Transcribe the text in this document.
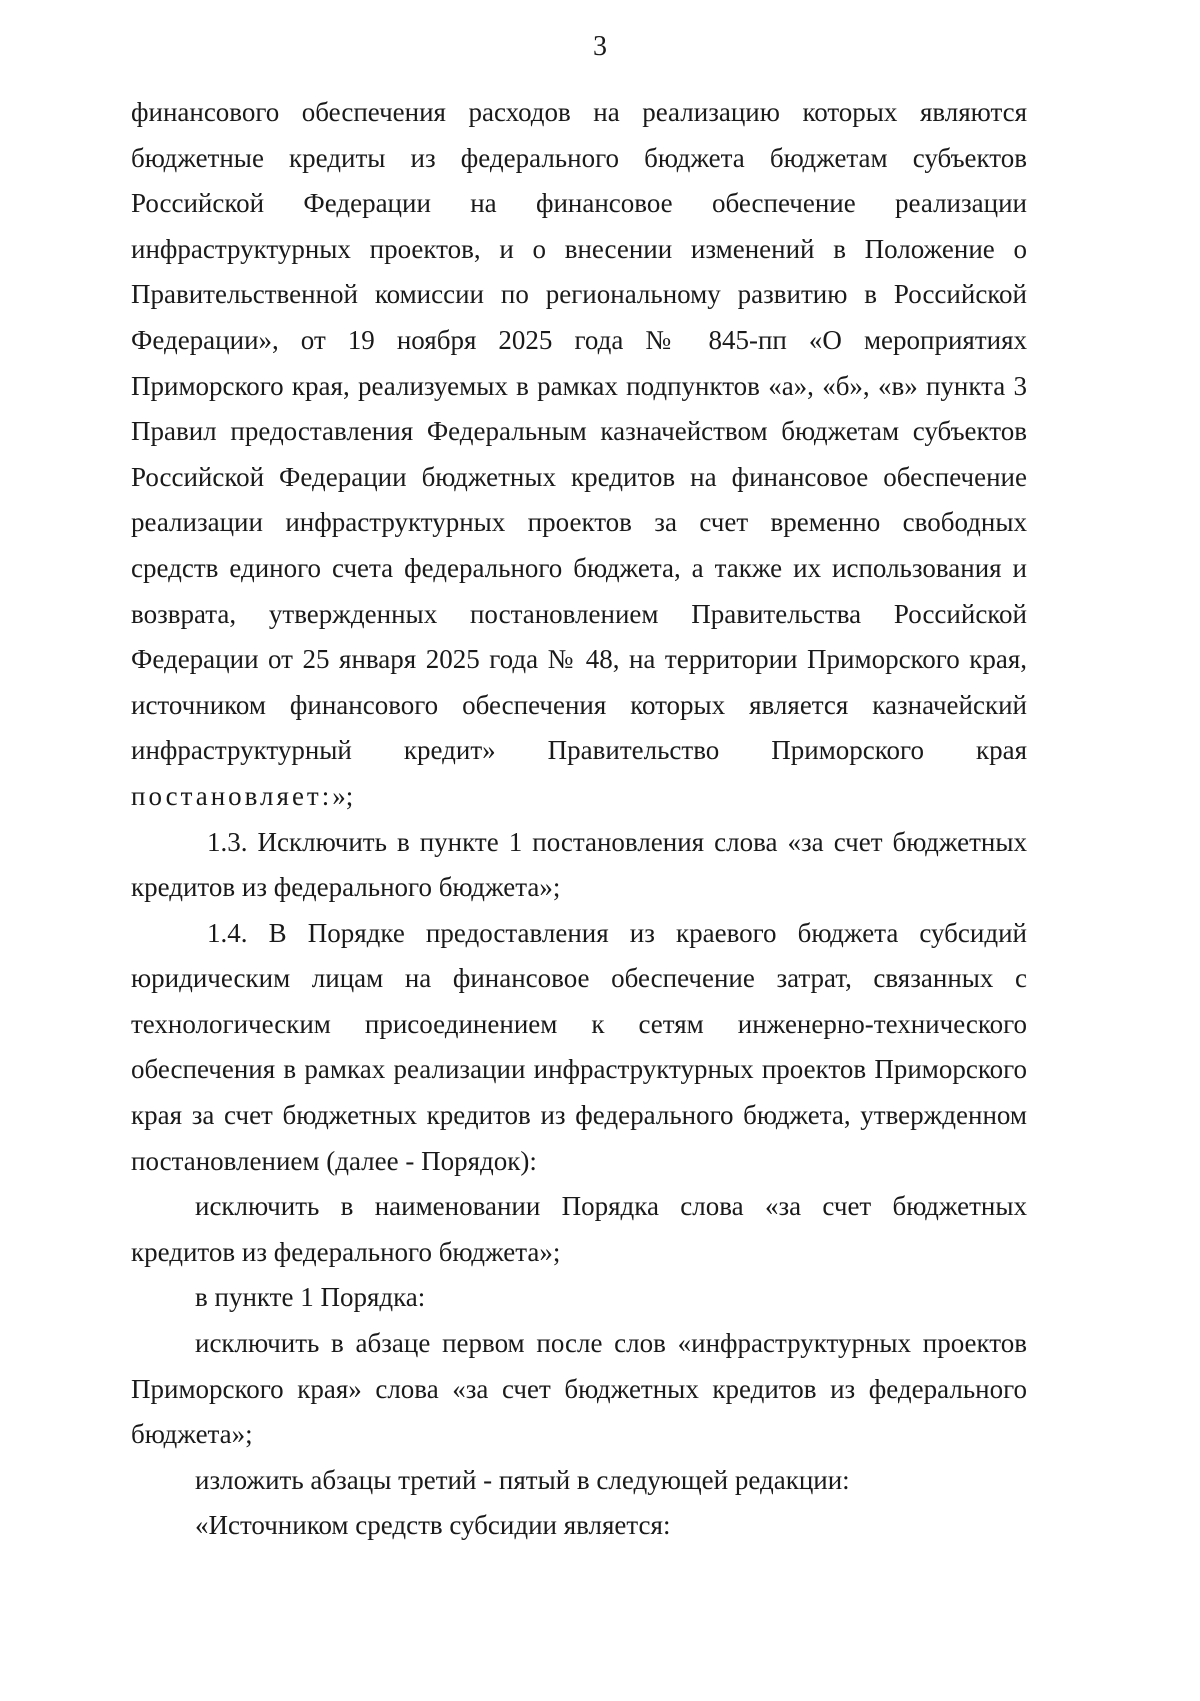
3

финансового обеспечения расходов на реализацию которых являются бюджетные кредиты из федерального бюджета бюджетам субъектов Российской Федерации на финансовое обеспечение реализации инфраструктурных проектов, и о внесении изменений в Положение о Правительственной комиссии по региональному развитию в Российской Федерации», от 19 ноября 2025 года № 845-пп «О мероприятиях Приморского края, реализуемых в рамках подпунктов «а», «б», «в» пункта 3 Правил предоставления Федеральным казначейством бюджетам субъектов Российской Федерации бюджетных кредитов на финансовое обеспечение реализации инфраструктурных проектов за счет временно свободных средств единого счета федерального бюджета, а также их использования и возврата, утвержденных постановлением Правительства Российской Федерации от 25 января 2025 года № 48, на территории Приморского края, источником финансового обеспечения которых является казначейский инфраструктурный кредит» Правительство Приморского края постановляет:»;

1.3. Исключить в пункте 1 постановления слова «за счет бюджетных кредитов из федерального бюджета»;

1.4. В Порядке предоставления из краевого бюджета субсидий юридическим лицам на финансовое обеспечение затрат, связанных с технологическим присоединением к сетям инженерно-технического обеспечения в рамках реализации инфраструктурных проектов Приморского края за счет бюджетных кредитов из федерального бюджета, утвержденном постановлением (далее - Порядок):

исключить в наименовании Порядка слова «за счет бюджетных кредитов из федерального бюджета»;

в пункте 1 Порядка:

исключить в абзаце первом после слов «инфраструктурных проектов Приморского края» слова «за счет бюджетных кредитов из федерального бюджета»;

изложить абзацы третий - пятый в следующей редакции:

«Источником средств субсидии является:
